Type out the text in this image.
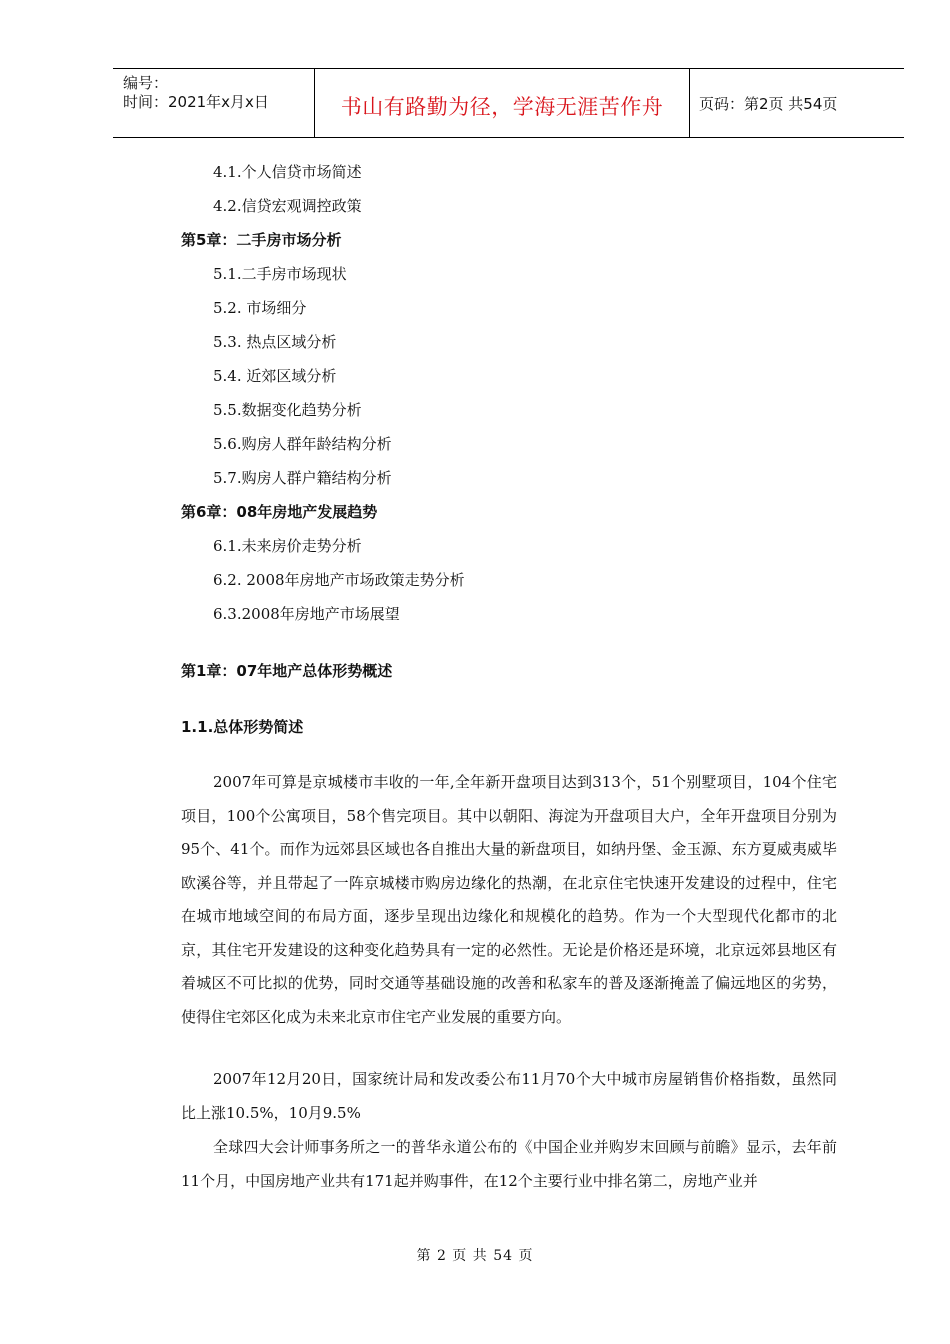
编号：
时间：2021年x月x日	书山有路勤为径，学海无涯苦作舟	页码：第2页 共54页
4.1.个人信贷市场简述
4.2.信贷宏观调控政策
第5章：二手房市场分析
5.1.二手房市场现状
5.2. 市场细分
5.3. 热点区域分析
5.4. 近郊区域分析
5.5.数据变化趋势分析
5.6.购房人群年龄结构分析
5.7.购房人群户籍结构分析
第6章：08年房地产发展趋势
6.1.未来房价走势分析
6.2. 2008年房地产市场政策走势分析
6.3.2008年房地产市场展望
第1章：07年地产总体形势概述
1.1.总体形势简述

2007年可算是京城楼市丰收的一年,全年新开盘项目达到313个，51个别墅项目，104个住宅项目，100个公寓项目，58个售完项目。其中以朝阳、海淀为开盘项目大户，全年开盘项目分别为95个、41个。而作为远郊县区域也各自推出大量的新盘项目，如纳丹堡、金玉源、东方夏威夷威毕欧溪谷等，并且带起了一阵京城楼市购房边缘化的热潮，在北京住宅快速开发建设的过程中，住宅在城市地域空间的布局方面，逐步呈现出边缘化和规模化的趋势。作为一个大型现代化都市的北京，其住宅开发建设的这种变化趋势具有一定的必然性。无论是价格还是环境，北京远郊县地区有着城区不可比拟的优势，同时交通等基础设施的改善和私家车的普及逐渐掩盖了偏远地区的劣势，使得住宅郊区化成为未来北京市住宅产业发展的重要方向。

2007年12月20日，国家统计局和发改委公布11月70个大中城市房屋销售价格指数，虽然同比上涨10.5%，10月9.5%

全球四大会计师事务所之一的普华永道公布的《中国企业并购岁末回顾与前瞻》显示，去年前11个月，中国房地产业共有171起并购事件，在12个主要行业中排名第二，房地产业并

第 2 页 共 54 页
